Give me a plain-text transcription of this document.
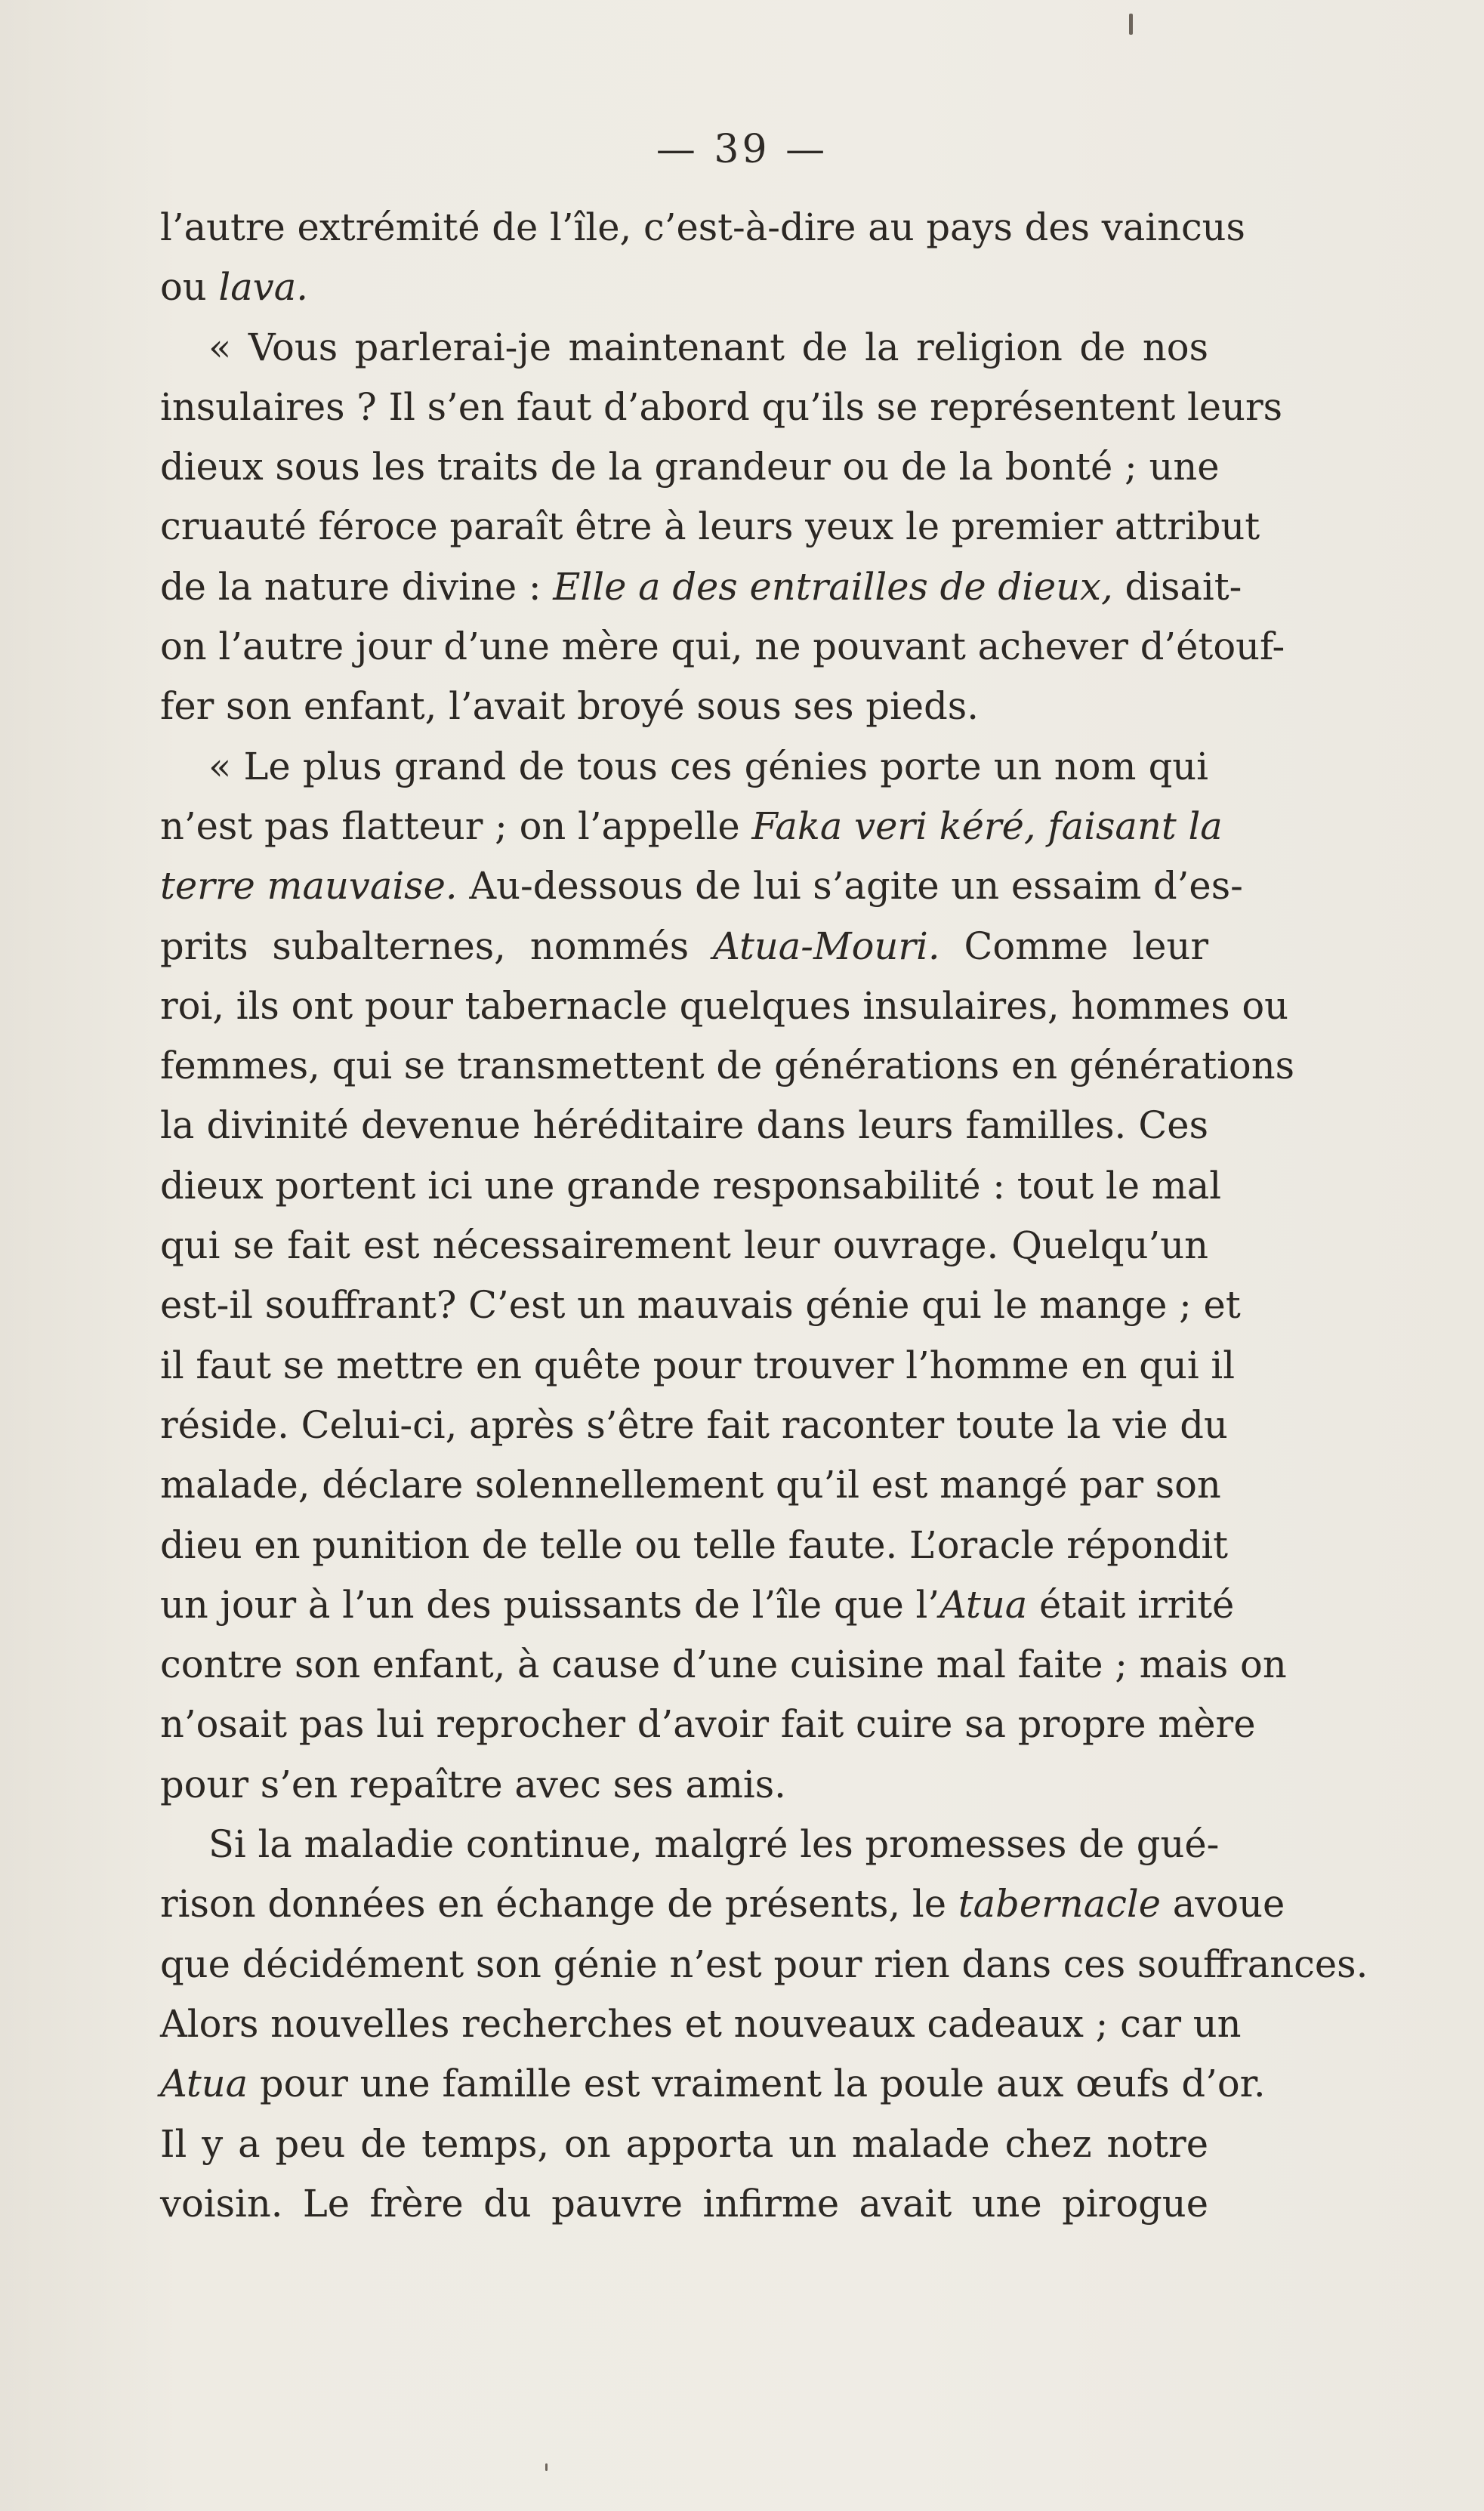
— 39 —
l’autre extrémité de l’île, c’est-à-dire au pays des vaincus
ou lava.
« Vous parlerai-je maintenant de la religion de nos
insulaires ? Il s’en faut d’abord qu’ils se représentent leurs
dieux sous les traits de la grandeur ou de la bonté ; une
cruauté féroce paraît être à leurs yeux le premier attribut
de la nature divine : Elle a des entrailles de dieux, disait-
on l’autre jour d’une mère qui, ne pouvant achever d’étouf-
fer son enfant, l’avait broyé sous ses pieds.
« Le plus grand de tous ces génies porte un nom qui
n’est pas flatteur ; on l’appelle Faka veri kéré, faisant la
terre mauvaise. Au-dessous de lui s’agite un essaim d’es-
prits subalternes, nommés Atua-Mouri. Comme leur
roi, ils ont pour tabernacle quelques insulaires, hommes ou
femmes, qui se transmettent de générations en générations
la divinité devenue héréditaire dans leurs familles. Ces
dieux portent ici une grande responsabilité : tout le mal
qui se fait est nécessairement leur ouvrage. Quelqu’un
est-il souffrant? C’est un mauvais génie qui le mange ; et
il faut se mettre en quête pour trouver l’homme en qui il
réside. Celui-ci, après s’être fait raconter toute la vie du
malade, déclare solennellement qu’il est mangé par son
dieu en punition de telle ou telle faute. L’oracle répondit
un jour à l’un des puissants de l’île que l’Atua était irrité
contre son enfant, à cause d’une cuisine mal faite ; mais on
n’osait pas lui reprocher d’avoir fait cuire sa propre mère
pour s’en repaître avec ses amis.
Si la maladie continue, malgré les promesses de gué-
rison données en échange de présents, le tabernacle avoue
que décidément son génie n’est pour rien dans ces souffrances.
Alors nouvelles recherches et nouveaux cadeaux ; car un
Atua pour une famille est vraiment la poule aux œufs d’or.
Il y a peu de temps, on apporta un malade chez notre
voisin. Le frère du pauvre infirme avait une pirogue
